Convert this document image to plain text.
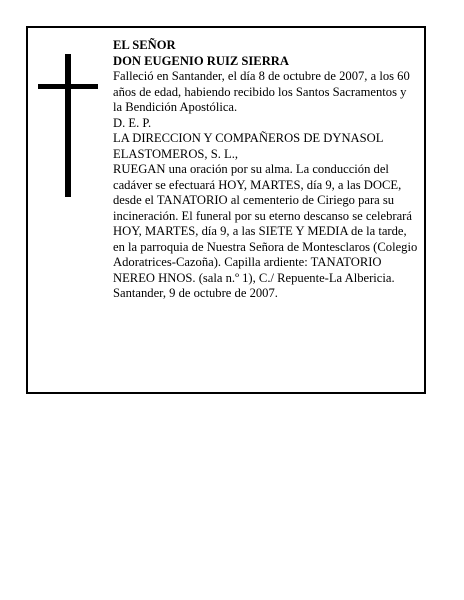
EL SEÑOR

DON EUGENIO RUIZ SIERRA

Falleció en Santander, el día 8 de octubre de 2007, a los 60 años de edad, habiendo recibido los Santos Sacramentos y la Bendición Apostólica.

D. E. P.

LA DIRECCION Y COMPAÑEROS DE DYNASOL ELASTOMEROS, S. L.,

RUEGAN una oración por su alma. La conducción del cadáver se efectuará HOY, MARTES, día 9, a las DOCE, desde el TANATORIO al cementerio de Ciriego para su incineración. El funeral por su eterno descanso se celebrará HOY, MARTES, día 9, a las SIETE Y MEDIA de la tarde, en la parroquia de Nuestra Señora de Montesclaros (Colegio Adoratrices-Cazoña). Capilla ardiente: TANATORIO NEREO HNOS. (sala n.º 1), C./ Repuente-La Albericia.

Santander, 9 de octubre de 2007.
